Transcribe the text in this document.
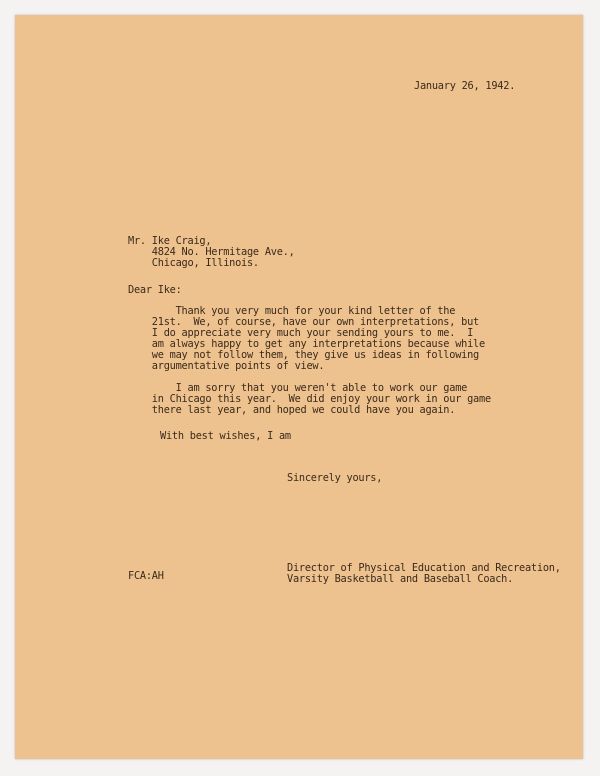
January 26, 1942.
Mr. Ike Craig,
4824 No. Hermitage Ave.,
Chicago, Illinois.
Dear Ike:
Thank you very much for your kind letter of the
21st.  We, of course, have our own interpretations, but
I do appreciate very much your sending yours to me.  I
am always happy to get any interpretations because while
we may not follow them, they give us ideas in following
argumentative points of view.
I am sorry that you weren't able to work our game
in Chicago this year.  We did enjoy your work in our game
there last year, and hoped we could have you again.
With best wishes, I am
Sincerely yours,
FCA:AH
Director of Physical Education and Recreation,
Varsity Basketball and Baseball Coach.
